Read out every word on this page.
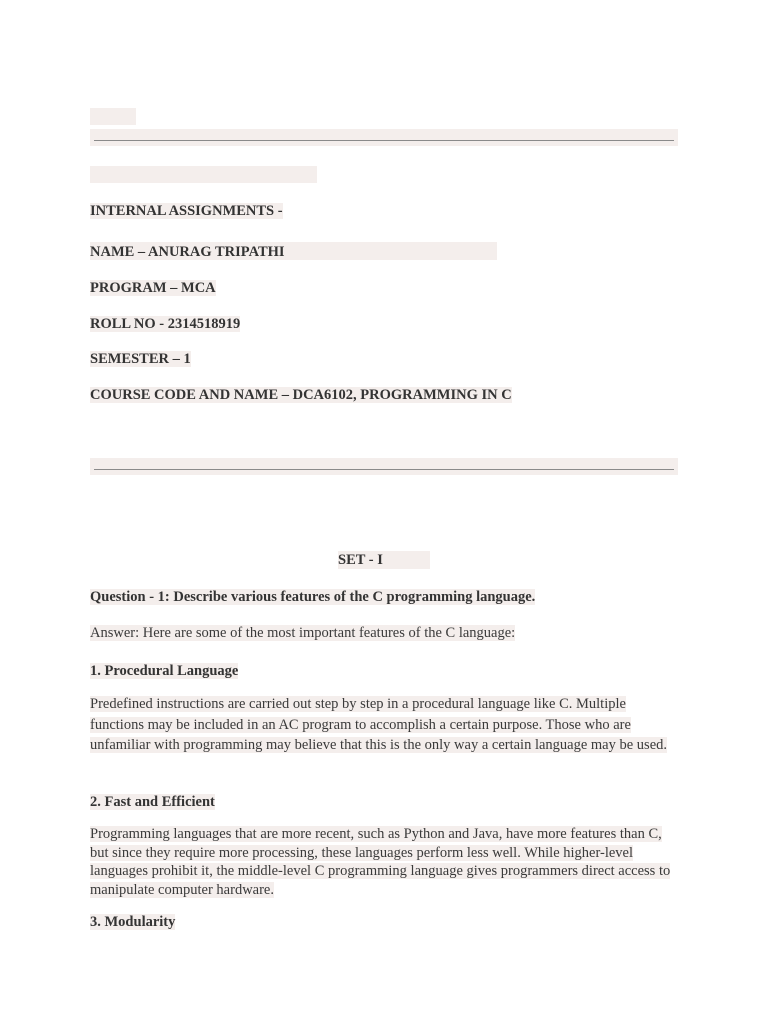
INTERNAL ASSIGNMENTS -
NAME – ANURAG TRIPATHI
PROGRAM – MCA
ROLL NO - 2314518919
SEMESTER – 1
COURSE CODE AND NAME – DCA6102, PROGRAMMING IN C
SET - I
Question - 1: Describe various features of the C programming language.
Answer: Here are some of the most important features of the C language:
1. Procedural Language
Predefined instructions are carried out step by step in a procedural language like C. Multiple functions may be included in an AC program to accomplish a certain purpose. Those who are unfamiliar with programming may believe that this is the only way a certain language may be used.
2. Fast and Efficient
Programming languages that are more recent, such as Python and Java, have more features than C, but since they require more processing, these languages perform less well. While higher-level languages prohibit it, the middle-level C programming language gives programmers direct access to manipulate computer hardware.
3. Modularity
